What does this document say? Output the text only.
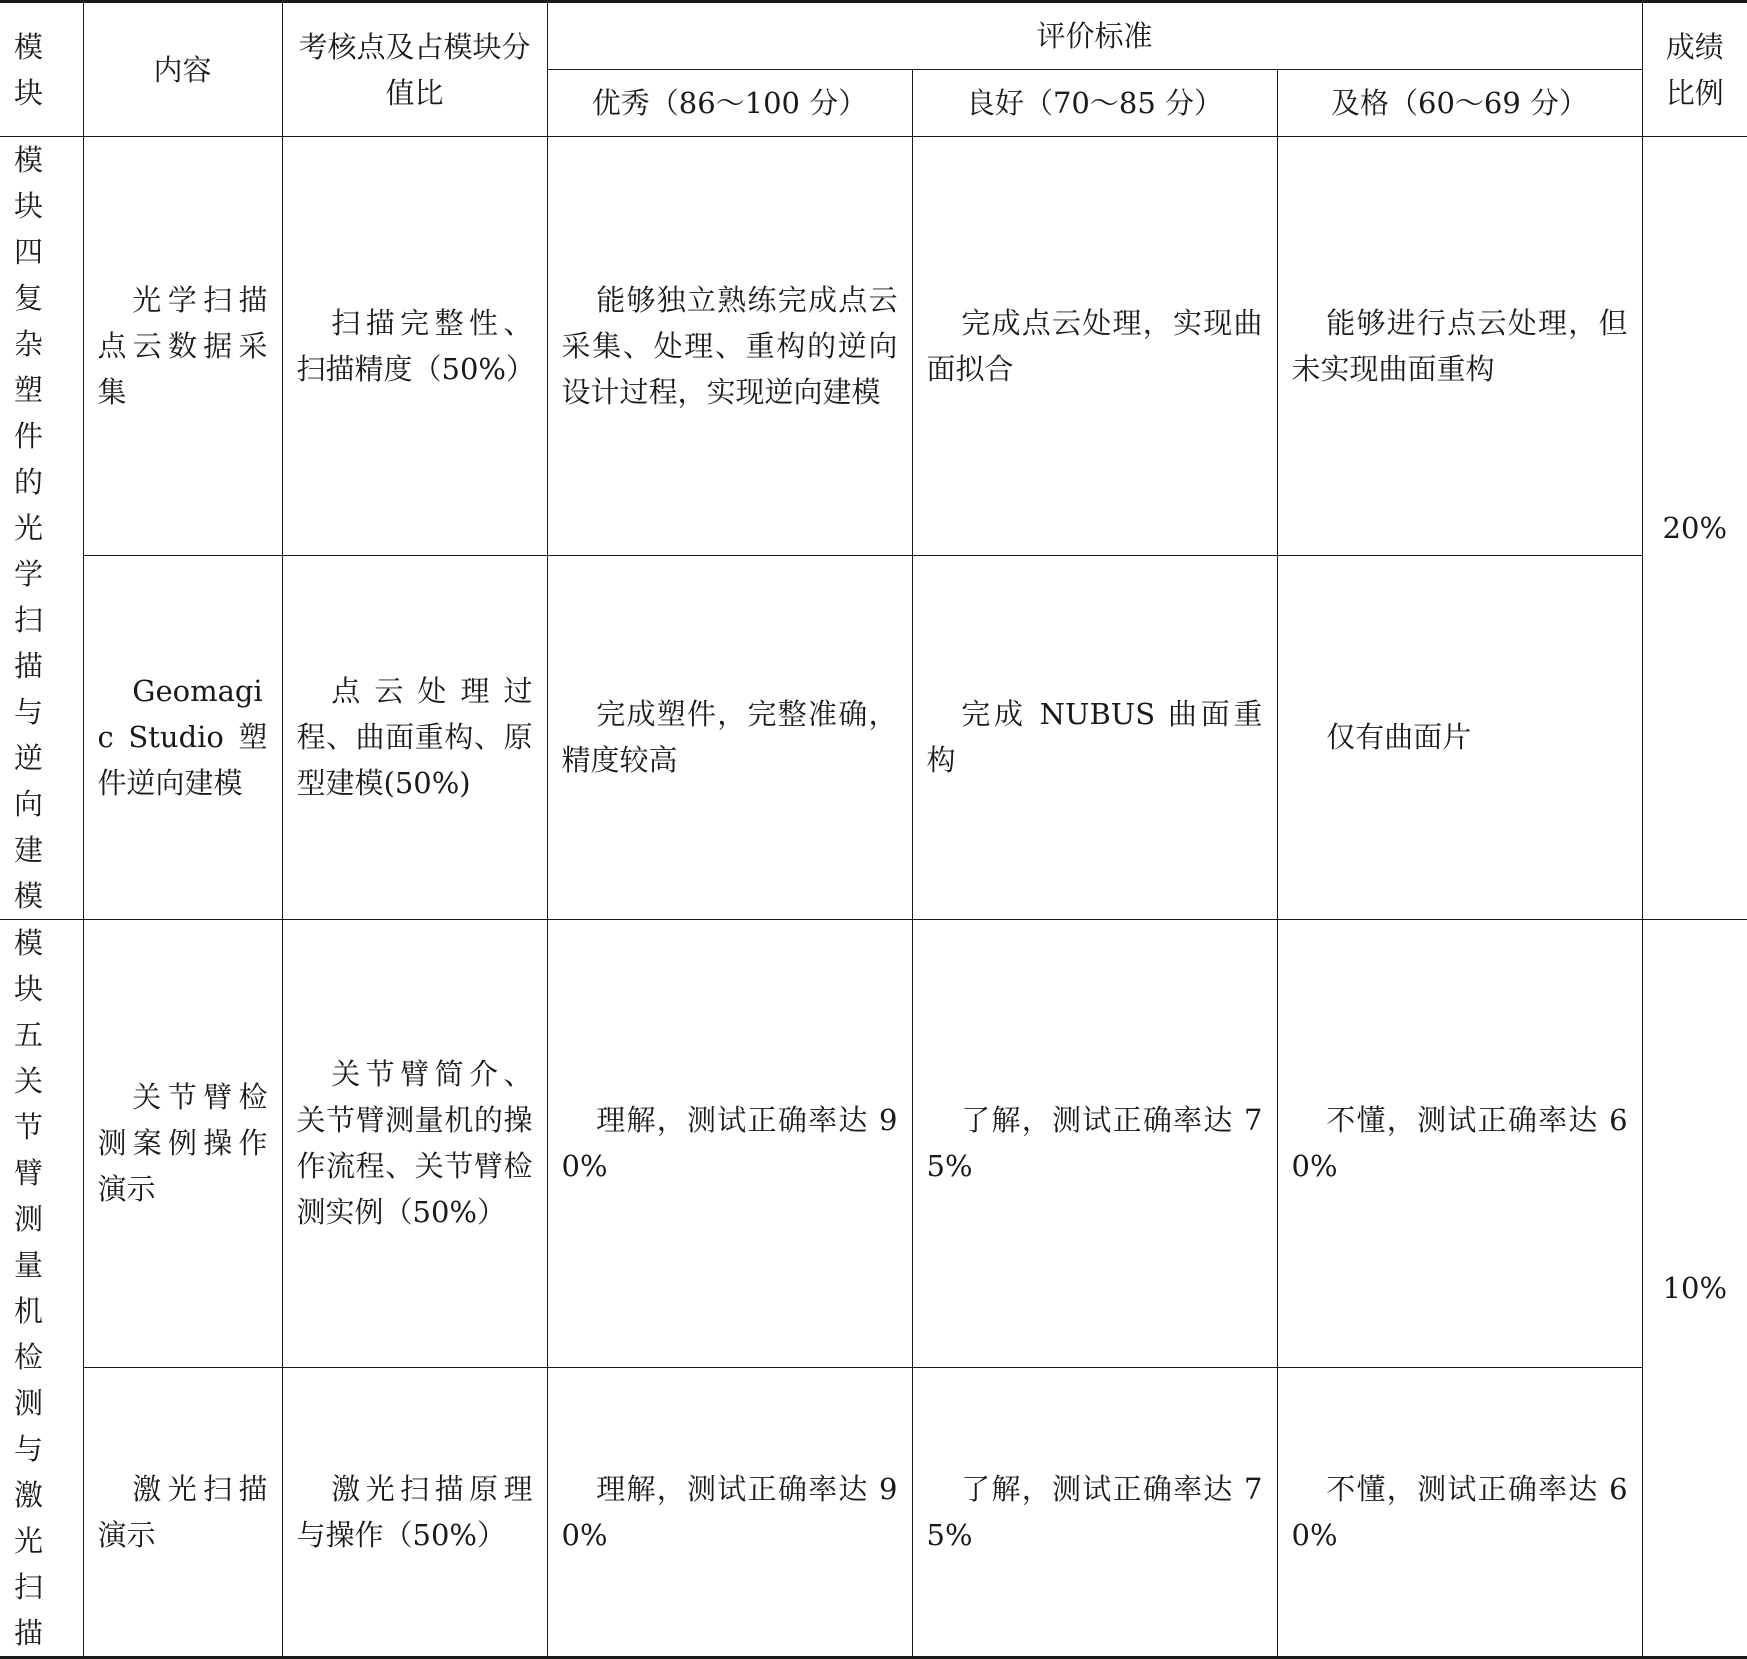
模块	内容	考核点及占模块分值比	评价标准			成绩比例
			优秀（86～100 分）	良好（70～85 分）	及格（60～69 分）	
模块四复杂塑件的光学扫描与逆向建模	光学扫描点云数据采集	扫描完整性、扫描精度（50%）	能够独立熟练完成点云采集、处理、重构的逆向设计过程，实现逆向建模	完成点云处理，实现曲面拟合	能够进行点云处理，但未实现曲面重构	20%
	Geomagic Studio 塑件逆向建模	点云处理过程、曲面重构、原型建模(50%)	完成塑件，完整准确，精度较高	完成 NUBUS 曲面重构	仅有曲面片	
模块五关节臂测量机检测与激光扫描	关节臂检测案例操作演示	关节臂简介、关节臂测量机的操作流程、关节臂检测实例（50%）	理解，测试正确率达 90%	了解，测试正确率达 75%	不懂，测试正确率达 60%	10%
	激光扫描演示	激光扫描原理与操作（50%）	理解，测试正确率达 90%	了解，测试正确率达 75%	不懂，测试正确率达 60%	
